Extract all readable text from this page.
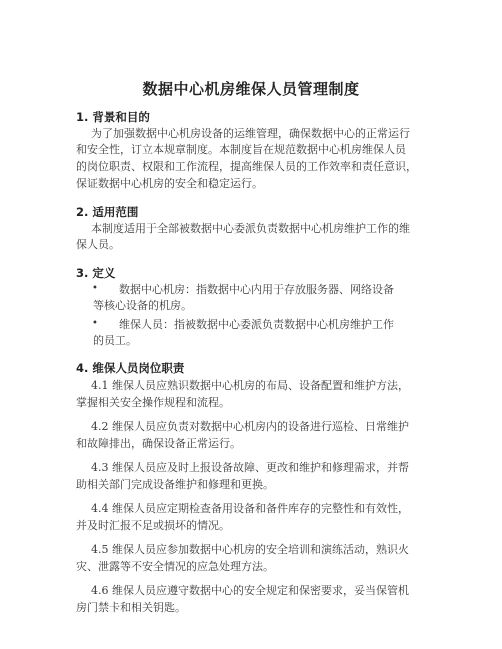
数据中心机房维保人员管理制度
1. 背景和目的
为了加强数据中心机房设备的运维管理，确保数据中心的正常运行
和安全性，订立本规章制度。本制度旨在规范数据中心机房维保人员
的岗位职责、权限和工作流程，提高维保人员的工作效率和责任意识，
保证数据中心机房的安全和稳定运行。
2. 适用范围
本制度适用于全部被数据中心委派负责数据中心机房维护工作的维
保人员。
3. 定义
• 数据中心机房：指数据中心内用于存放服务器、网络设备
等核心设备的机房。
• 维保人员：指被数据中心委派负责数据中心机房维护工作
的员工。
4. 维保人员岗位职责
4.1 维保人员应熟识数据中心机房的布局、设备配置和维护方法，
掌握相关安全操作规程和流程。
4.2 维保人员应负责对数据中心机房内的设备进行巡检、日常维护
和故障排出，确保设备正常运行。
4.3 维保人员应及时上报设备故障、更改和维护和修理需求，并帮
助相关部门完成设备维护和修理和更换。
4.4 维保人员应定期检查备用设备和备件库存的完整性和有效性，
并及时汇报不足或损坏的情况。
4.5 维保人员应参加数据中心机房的安全培训和演练活动，熟识火
灾、泄露等不安全情况的应急处理方法。
4.6 维保人员应遵守数据中心的安全规定和保密要求，妥当保管机
房门禁卡和相关钥匙。
